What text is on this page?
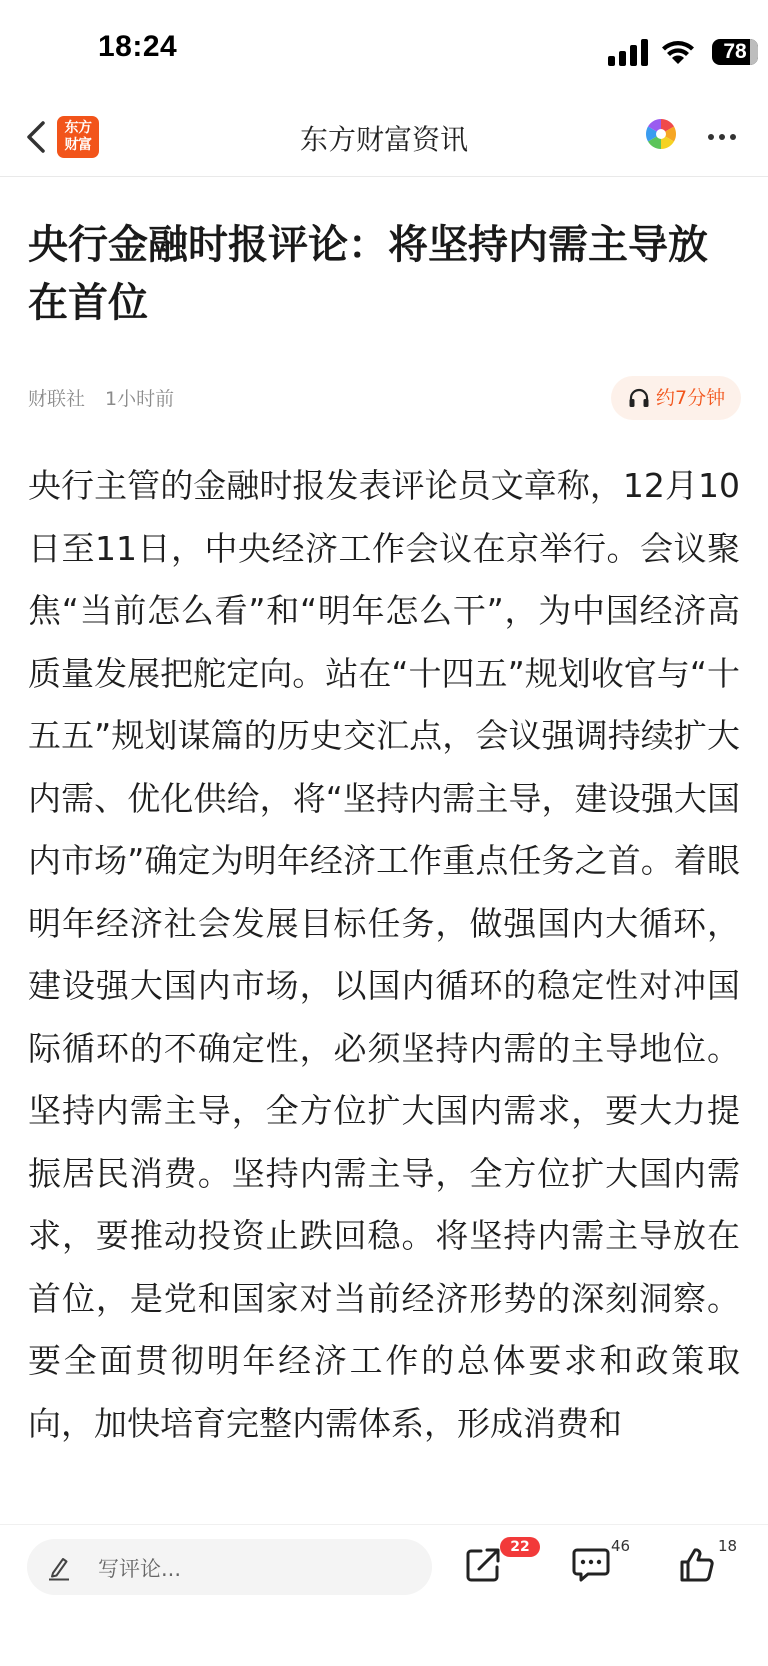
18:24	78
东方
财富	东方财富资讯
央行金融时报评论：将坚持内需主导放在首位
财联社 1小时前	约7分钟

央行主管的金融时报发表评论员文章称，12月10日至11日，中央经济工作会议在京举行。会议聚焦“当前怎么看”和“明年怎么干”，为中国经济高质量发展把舵定向。站在“十四五”规划收官与“十五五”规划谋篇的历史交汇点，会议强调持续扩大内需、优化供给，将“坚持内需主导，建设强大国内市场”确定为明年经济工作重点任务之首。着眼明年经济社会发展目标任务，做强国内大循环，建设强大国内市场，以国内循环的稳定性对冲国际循环的不确定性，必须坚持内需的主导地位。坚持内需主导，全方位扩大国内需求，要大力提振居民消费。坚持内需主导，全方位扩大国内需求，要推动投资止跌回稳。将坚持内需主导放在首位，是党和国家对当前经济形势的深刻洞察。要全面贯彻明年经济工作的总体要求和政策取向，加快培育完整内需体系，形成消费和

写评论...
22	46	18
